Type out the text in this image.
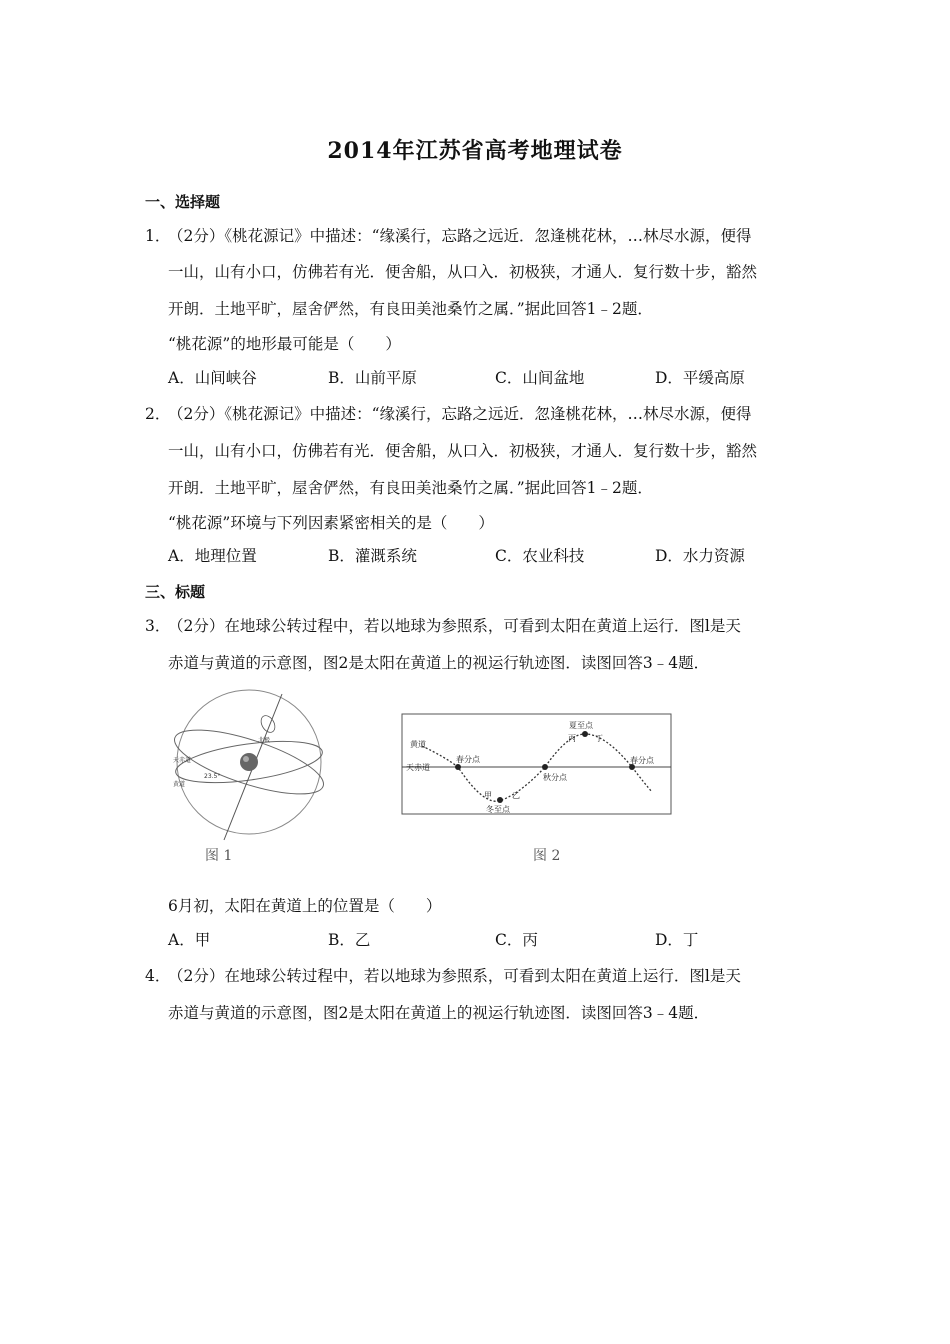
2014年江苏省高考地理试卷
一、选择题
1．
（2分）《桃花源记》中描述：“缘溪行，忘路之远近．忽逢桃花林，…林尽水源，便得
一山，山有小口，仿佛若有光．便舍船，从口入．初极狭，才通人．复行数十步，豁然
开朗．土地平旷，屋舍俨然，有良田美池桑竹之属．”据此回答1﹣2题．
“桃花源”的地形最可能是（　　）
A．山间峡谷	B．山前平原	C．山间盆地	D．平缓高原
2．
（2分）《桃花源记》中描述：“缘溪行，忘路之远近．忽逢桃花林，…林尽水源，便得
一山，山有小口，仿佛若有光．便舍船，从口入．初极狭，才通人．复行数十步，豁然
开朗．土地平旷，屋舍俨然，有良田美池桑竹之属．”据此回答1﹣2题．
“桃花源”环境与下列因素紧密相关的是（　　）
A．地理位置	B．灌溉系统	C．农业科技	D．水力资源
三、标题
3．
（2分）在地球公转过程中，若以地球为参照系，可看到太阳在黄道上运行．图l是天
赤道与黄道的示意图，图2是太阳在黄道上的视运行轨迹图．读图回答3﹣4题．
天赤道
黄道
23.5°
北极
图 1
黄道
天赤道
春分点
秋分点
春分点
夏至点
冬至点
甲	乙
丙 丁
图 2
6月初，太阳在黄道上的位置是（　　）
A．甲	B．乙	C．丙	D．丁
4．
（2分）在地球公转过程中，若以地球为参照系，可看到太阳在黄道上运行．图l是天
赤道与黄道的示意图，图2是太阳在黄道上的视运行轨迹图．读图回答3﹣4题．
